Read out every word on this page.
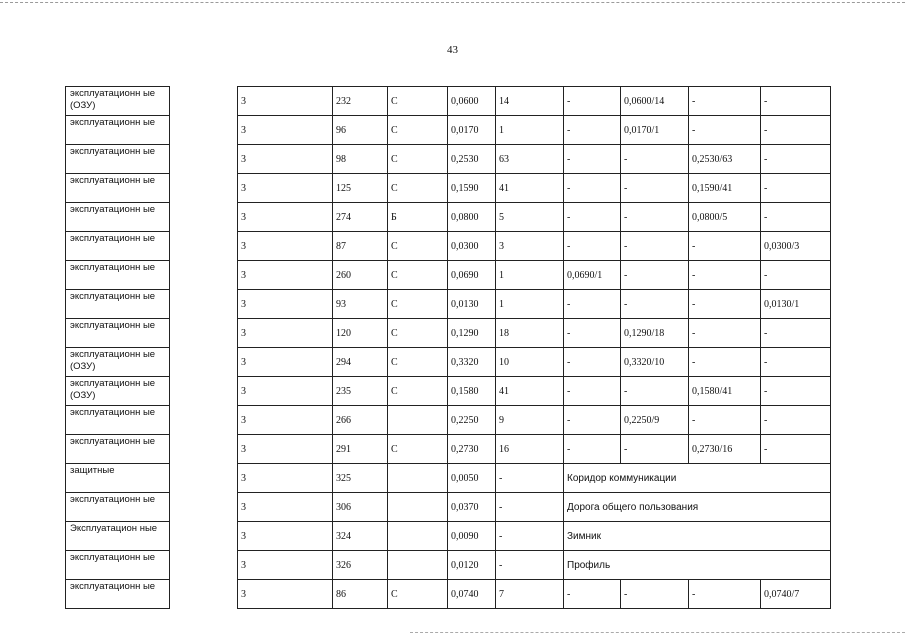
43
эксплуатационн ые (ОЗУ)		3	232	С	0,0600	14	-	0,0600/14	-	-
эксплуатационн ые		3	96	С	0,0170	1	-	0,0170/1	-	-
эксплуатационн ые		3	98	С	0,2530	63	-	-	0,2530/63	-
эксплуатационн ые		3	125	С	0,1590	41	-	-	0,1590/41	-
эксплуатационн ые		3	274	Б	0,0800	5	-	-	0,0800/5	-
эксплуатационн ые		3	87	С	0,0300	3	-	-	-	0,0300/3
эксплуатационн ые		3	260	С	0,0690	1	0,0690/1	-	-	-
эксплуатационн ые		3	93	С	0,0130	1	-	-	-	0,0130/1
эксплуатационн ые		3	120	С	0,1290	18	-	0,1290/18	-	-
эксплуатационн ые (ОЗУ)		3	294	С	0,3320	10	-	0,3320/10	-	-
эксплуатационн ые (ОЗУ)		3	235	С	0,1580	41	-	-	0,1580/41	-
эксплуатационн ые		3	266		0,2250	9	-	0,2250/9	-	-
эксплуатационн ые		3	291	С	0,2730	16	-	-	0,2730/16	-
защитные		3	325		0,0050	-	Коридор коммуникации			
эксплуатационн ые		3	306		0,0370	-	Дорога общего пользования			
Эксплуатацион ные		3	324		0,0090	-	Зимник			
эксплуатационн ые		3	326		0,0120	-	Профиль			
эксплуатационн ые		3	86	С	0,0740	7	-	-	-	0,0740/7
